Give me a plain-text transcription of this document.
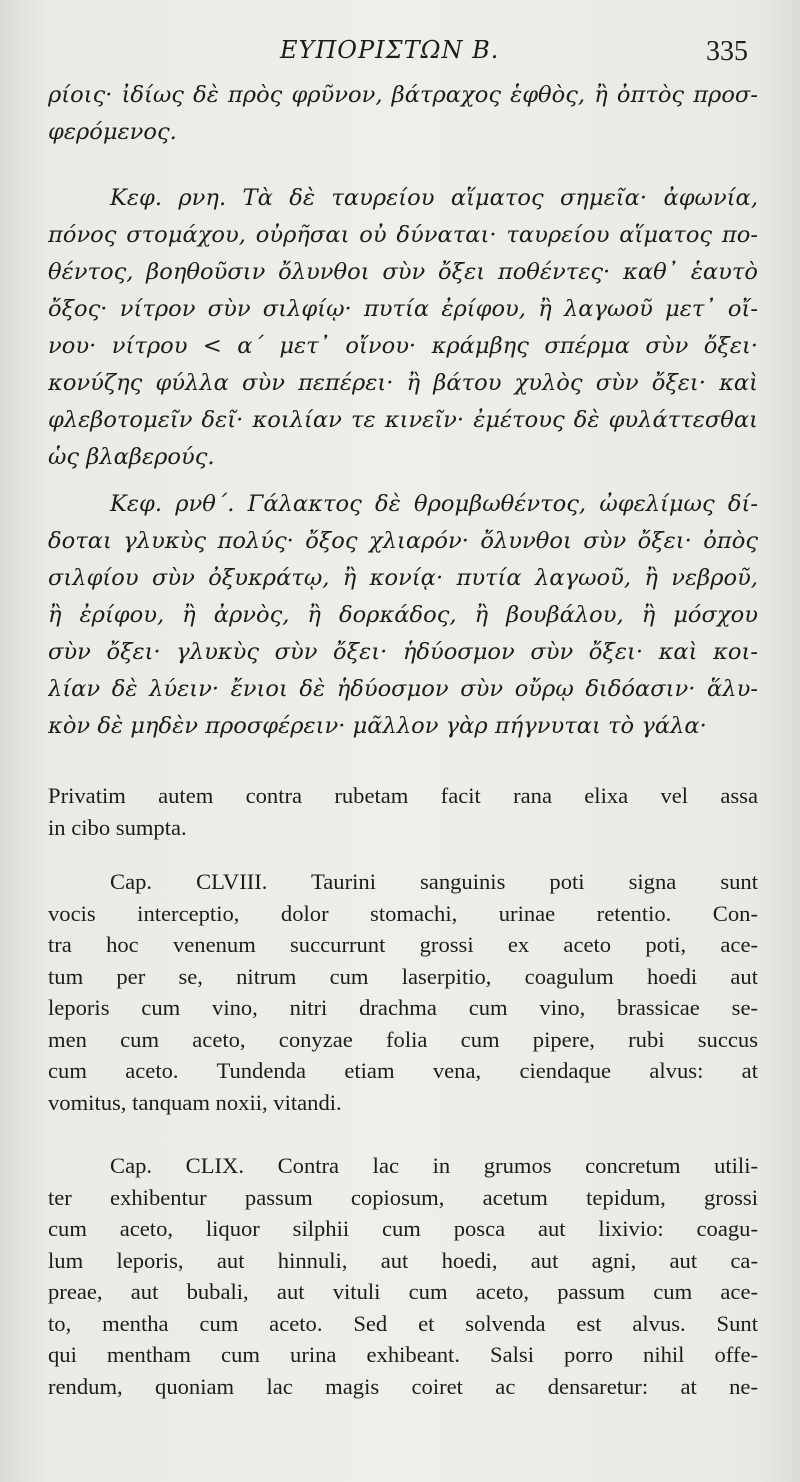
ΕΥΠΟΡΙΣΤΩΝ Β.	335
ρίοις· ἰδίως δὲ πρὸς φρῦνον, βάτραχος ἑφθὸς, ἢ ὀπτὸς προσ-
φερόμενος.
Κεφ. ρνη. Τὰ δὲ ταυρείου αἵματος σημεῖα· ἀφωνία,
πόνος στομάχου, οὐρῆσαι οὐ δύναται· ταυρείου αἵματος πο-
θέντος, βοηθοῦσιν ὄλυνθοι σὺν ὄξει ποθέντες· καθ᾽ ἑαυτὸ
ὄξος· νίτρον σὺν σιλφίῳ· πυτία ἐρίφου, ἢ λαγωοῦ μετ᾽ οἴ-
νου· νίτρου < α΄ μετ᾽ οἴνου· κράμβης σπέρμα σὺν ὄξει·
κονύζης φύλλα σὺν πεπέρει· ἢ βάτου χυλὸς σὺν ὄξει· καὶ
φλεβοτομεῖν δεῖ· κοιλίαν τε κινεῖν· ἐμέτους δὲ φυλάττεσθαι
ὡς βλαβερούς.
Κεφ. ρνθ΄. Γάλακτος δὲ θρομβωθέντος, ὠφελίμως δί-
δοται γλυκὺς πολύς· ὄξος χλιαρόν· ὄλυνθοι σὺν ὄξει· ὀπὸς
σιλφίου σὺν ὀξυκράτῳ, ἢ κονίᾳ· πυτία λαγωοῦ, ἢ νεβροῦ,
ἢ ἐρίφου, ἢ ἀρνὸς, ἢ δορκάδος, ἢ βουβάλου, ἢ μόσχου
σὺν ὄξει· γλυκὺς σὺν ὄξει· ἡδύοσμον σὺν ὄξει· καὶ κοι-
λίαν δὲ λύειν· ἔνιοι δὲ ἡδύοσμον σὺν οὔρῳ διδόασιν· ἅλυ-
κὸν δὲ μηδὲν προσφέρειν· μᾶλλον γὰρ πήγνυται τὸ γάλα·
Privatim autem contra rubetam facit rana elixa vel assa
in cibo sumpta.
Cap. CLVIII. Taurini sanguinis poti signa sunt
vocis interceptio, dolor stomachi, urinae retentio. Con-
tra hoc venenum succurrunt grossi ex aceto poti, ace-
tum per se, nitrum cum laserpitio, coagulum hoedi aut
leporis cum vino, nitri drachma cum vino, brassicae se-
men cum aceto, conyzae folia cum pipere, rubi succus
cum aceto. Tundenda etiam vena, ciendaque alvus: at
vomitus, tanquam noxii, vitandi.
Cap. CLIX. Contra lac in grumos concretum utili-
ter exhibentur passum copiosum, acetum tepidum, grossi
cum aceto, liquor silphii cum posca aut lixivio: coagu-
lum leporis, aut hinnuli, aut hoedi, aut agni, aut ca-
preae, aut bubali, aut vituli cum aceto, passum cum ace-
to, mentha cum aceto. Sed et solvenda est alvus. Sunt
qui mentham cum urina exhibeant. Salsi porro nihil offe-
rendum, quoniam lac magis coiret ac densaretur: at ne-
